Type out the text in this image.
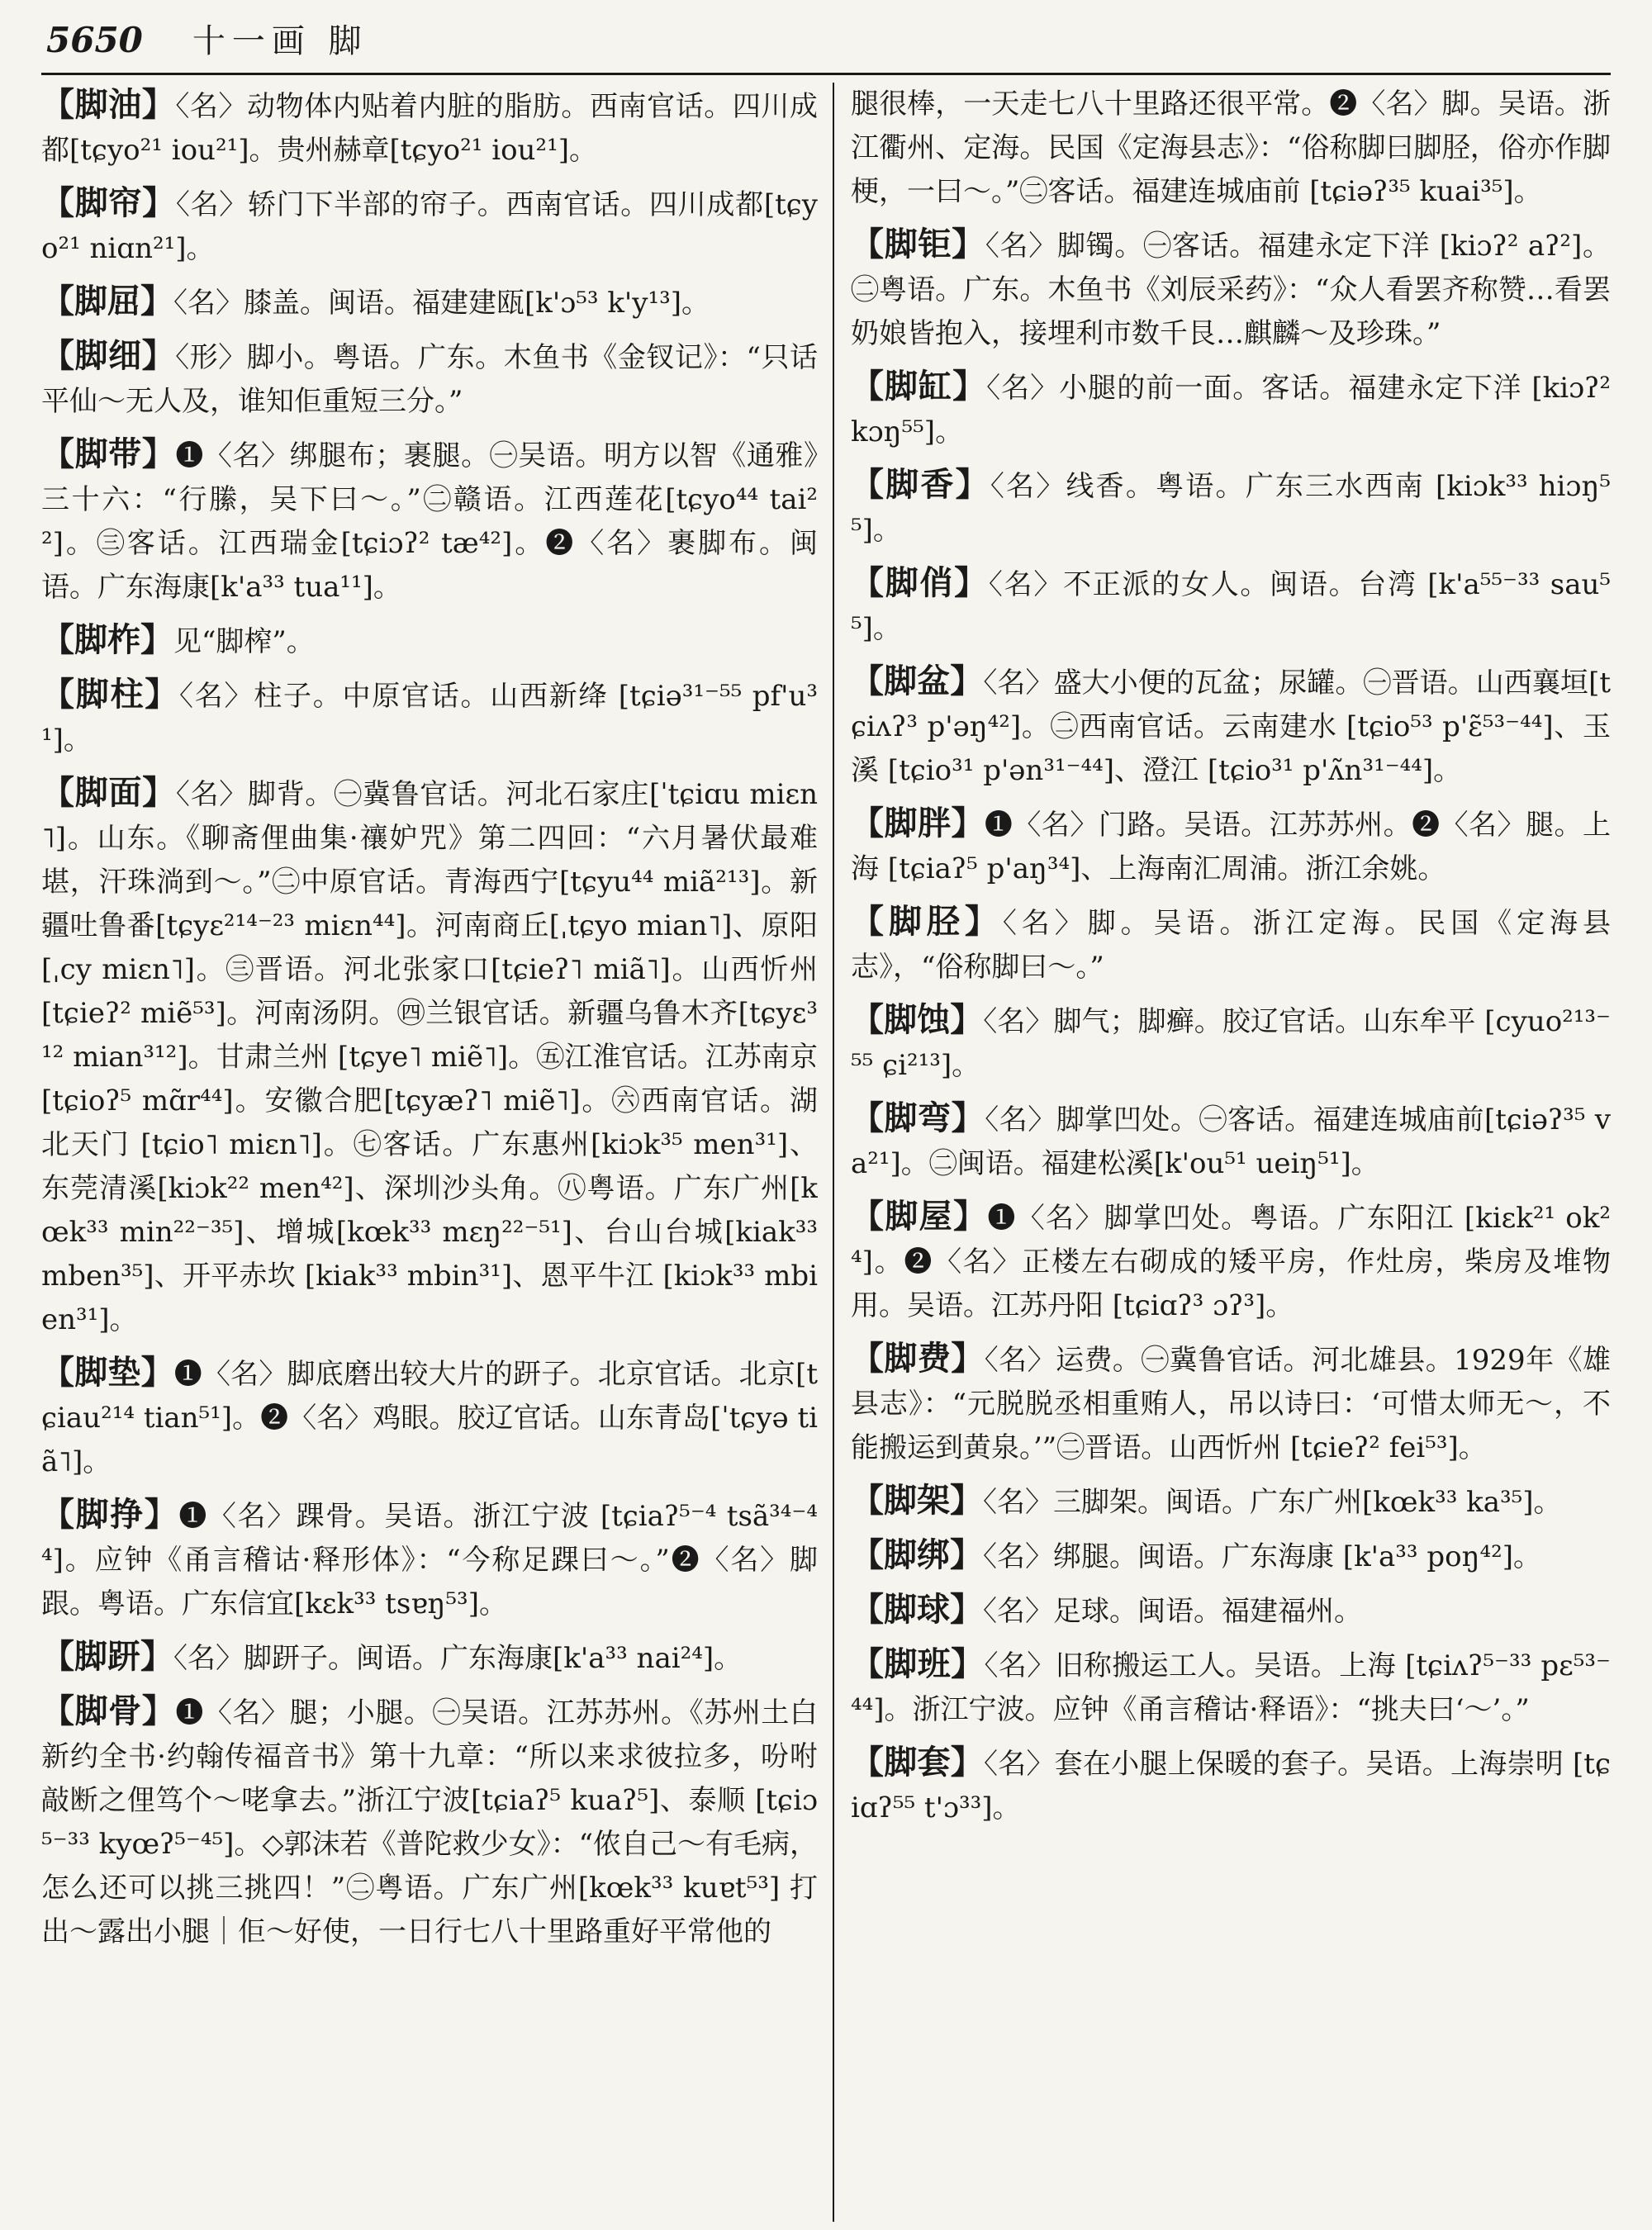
5650 十一画 脚
【脚油】〈名〉动物体内贴着内脏的脂肪。西南官话。四川成都[tɕyo²¹ iou²¹]。贵州赫章[tɕyo²¹ iou²¹]。
【脚帘】〈名〉轿门下半部的帘子。西南官话。四川成都[tɕyo²¹ niɑn²¹]。
【脚屈】〈名〉膝盖。闽语。福建建瓯[k'ɔ⁵³ k'y¹³]。
【脚细】〈形〉脚小。粤语。广东。木鱼书《金钗记》：“只话平仙～无人及，谁知佢重短三分。”
【脚带】❶〈名〉绑腿布；裹腿。㊀吴语。明方以智《通雅》三十六：“行縢，吴下曰～。”㊁赣语。江西莲花[tɕyo⁴⁴ tai²²]。㊂客话。江西瑞金[tɕiɔʔ² tæ⁴²]。❷〈名〉裹脚布。闽语。广东海康[k'a³³ tua¹¹]。
【脚柞】见“脚榨”。
【脚柱】〈名〉柱子。中原官话。山西新绛 [tɕiə³¹⁻⁵⁵ pf'u³¹]。
【脚面】〈名〉脚背。㊀冀鲁官话。河北石家庄[ˈtɕiɑu miɛn˥]。山东。《聊斋俚曲集·禳妒咒》第二四回：“六月暑伏最难堪，汗珠淌到～。”㊁中原官话。青海西宁[tɕyu⁴⁴ miã²¹³]。新疆吐鲁番[tɕyɛ²¹⁴⁻²³ miɛn⁴⁴]。河南商丘[ˌtɕyo mian˥]、原阳[ˌcy miɛn˥]。㊂晋语。河北张家口[tɕieʔ˥ miã˥]。山西忻州 [tɕieʔ² miẽ⁵³]。河南汤阴。㊃兰银官话。新疆乌鲁木齐[tɕyɛ³¹² mian³¹²]。甘肃兰州 [tɕye˥ miẽ˥]。㊄江淮官话。江苏南京[tɕioʔ⁵ mɑ̃r⁴⁴]。安徽合肥[tɕyæʔ˥ miẽ˥]。㊅西南官话。湖北天门 [tɕio˥ miɛn˥]。㊆客话。广东惠州[kiɔk³⁵ men³¹]、东莞清溪[kiɔk²² men⁴²]、深圳沙头角。㊇粤语。广东广州[kœk³³ min²²⁻³⁵]、增城[kœk³³ mɛŋ²²⁻⁵¹]、台山台城[kiak³³ mben³⁵]、开平赤坎 [kiak³³ mbin³¹]、恩平牛江 [kiɔk³³ mbien³¹]。
【脚垫】❶〈名〉脚底磨出较大片的趼子。北京官话。北京[tɕiau²¹⁴ tian⁵¹]。❷〈名〉鸡眼。胶辽官话。山东青岛[ˈtɕyə tiã˥]。
【脚挣】❶〈名〉踝骨。吴语。浙江宁波 [tɕiaʔ⁵⁻⁴ tsã³⁴⁻⁴⁴]。应钟《甬言稽诂·释形体》：“今称足踝曰～。”❷〈名〉脚跟。粤语。广东信宜[kɛk³³ tsɐŋ⁵³]。
【脚趼】〈名〉脚趼子。闽语。广东海康[k'a³³ nai²⁴]。
【脚骨】❶〈名〉腿；小腿。㊀吴语。江苏苏州。《苏州土白新约全书·约翰传福音书》第十九章：“所以来求彼拉多，吩咐敲断之俚笃个～咾拿去。”浙江宁波[tɕiaʔ⁵ kuaʔ⁵]、泰顺 [tɕiɔ⁵⁻³³ kyœʔ⁵⁻⁴⁵]。◇郭沫若《普陀救少女》：“侬自己～有毛病，怎么还可以挑三挑四！”㊁粤语。广东广州[kœk³³ kuɐt⁵³] 打出～露出小腿｜佢～好使，一日行七八十里路重好平常他的
腿很棒，一天走七八十里路还很平常。❷〈名〉脚。吴语。浙江衢州、定海。民国《定海县志》：“俗称脚曰脚胫，俗亦作脚梗，一曰～。”㊁客话。福建连城庙前 [tɕiəʔ³⁵ kuai³⁵]。
【脚钜】〈名〉脚镯。㊀客话。福建永定下洋 [kiɔʔ² aʔ²]。㊁粤语。广东。木鱼书《刘辰采药》：“众人看罢齐称赞…看罢奶娘皆抱入，接埋利市数千艮…麒麟～及珍珠。”
【脚缸】〈名〉小腿的前一面。客话。福建永定下洋 [kiɔʔ² kɔŋ⁵⁵]。
【脚香】〈名〉线香。粤语。广东三水西南 [kiɔk³³ hiɔŋ⁵⁵]。
【脚俏】〈名〉不正派的女人。闽语。台湾 [k'a⁵⁵⁻³³ sau⁵⁵]。
【脚盆】〈名〉盛大小便的瓦盆；尿罐。㊀晋语。山西襄垣[tɕiʌʔ³ p'əŋ⁴²]。㊁西南官话。云南建水 [tɕio⁵³ p'ɛ̃⁵³⁻⁴⁴]、玉溪 [tɕio³¹ p'ən³¹⁻⁴⁴]、澄江 [tɕio³¹ p'ʌ̃n³¹⁻⁴⁴]。
【脚胖】❶〈名〉门路。吴语。江苏苏州。❷〈名〉腿。上海 [tɕiaʔ⁵ p'aŋ³⁴]、上海南汇周浦。浙江余姚。
【脚胫】〈名〉脚。吴语。浙江定海。民国《定海县志》，“俗称脚曰～。”
【脚蚀】〈名〉脚气；脚癣。胶辽官话。山东牟平 [cyuo²¹³⁻⁵⁵ ɕi²¹³]。
【脚弯】〈名〉脚掌凹处。㊀客话。福建连城庙前[tɕiəʔ³⁵ va²¹]。㊁闽语。福建松溪[k'ou⁵¹ ueiŋ⁵¹]。
【脚屋】❶〈名〉脚掌凹处。粤语。广东阳江 [kiɛk²¹ ok²⁴]。❷〈名〉正楼左右砌成的矮平房，作灶房，柴房及堆物用。吴语。江苏丹阳 [tɕiɑʔ³ ɔʔ³]。
【脚费】〈名〉运费。㊀冀鲁官话。河北雄县。1929年《雄县志》：“元脱脱丞相重贿人，吊以诗曰：‘可惜太师无～，不能搬运到黄泉。’”㊁晋语。山西忻州 [tɕieʔ² fei⁵³]。
【脚架】〈名〉三脚架。闽语。广东广州[kœk³³ ka³⁵]。
【脚绑】〈名〉绑腿。闽语。广东海康 [k'a³³ poŋ⁴²]。
【脚球】〈名〉足球。闽语。福建福州。
【脚班】〈名〉旧称搬运工人。吴语。上海 [tɕiʌʔ⁵⁻³³ pɛ⁵³⁻⁴⁴]。浙江宁波。应钟《甬言稽诂·释语》：“挑夫曰‘～’。”
【脚套】〈名〉套在小腿上保暖的套子。吴语。上海崇明 [tɕiɑʔ⁵⁵ t'ɔ³³]。
